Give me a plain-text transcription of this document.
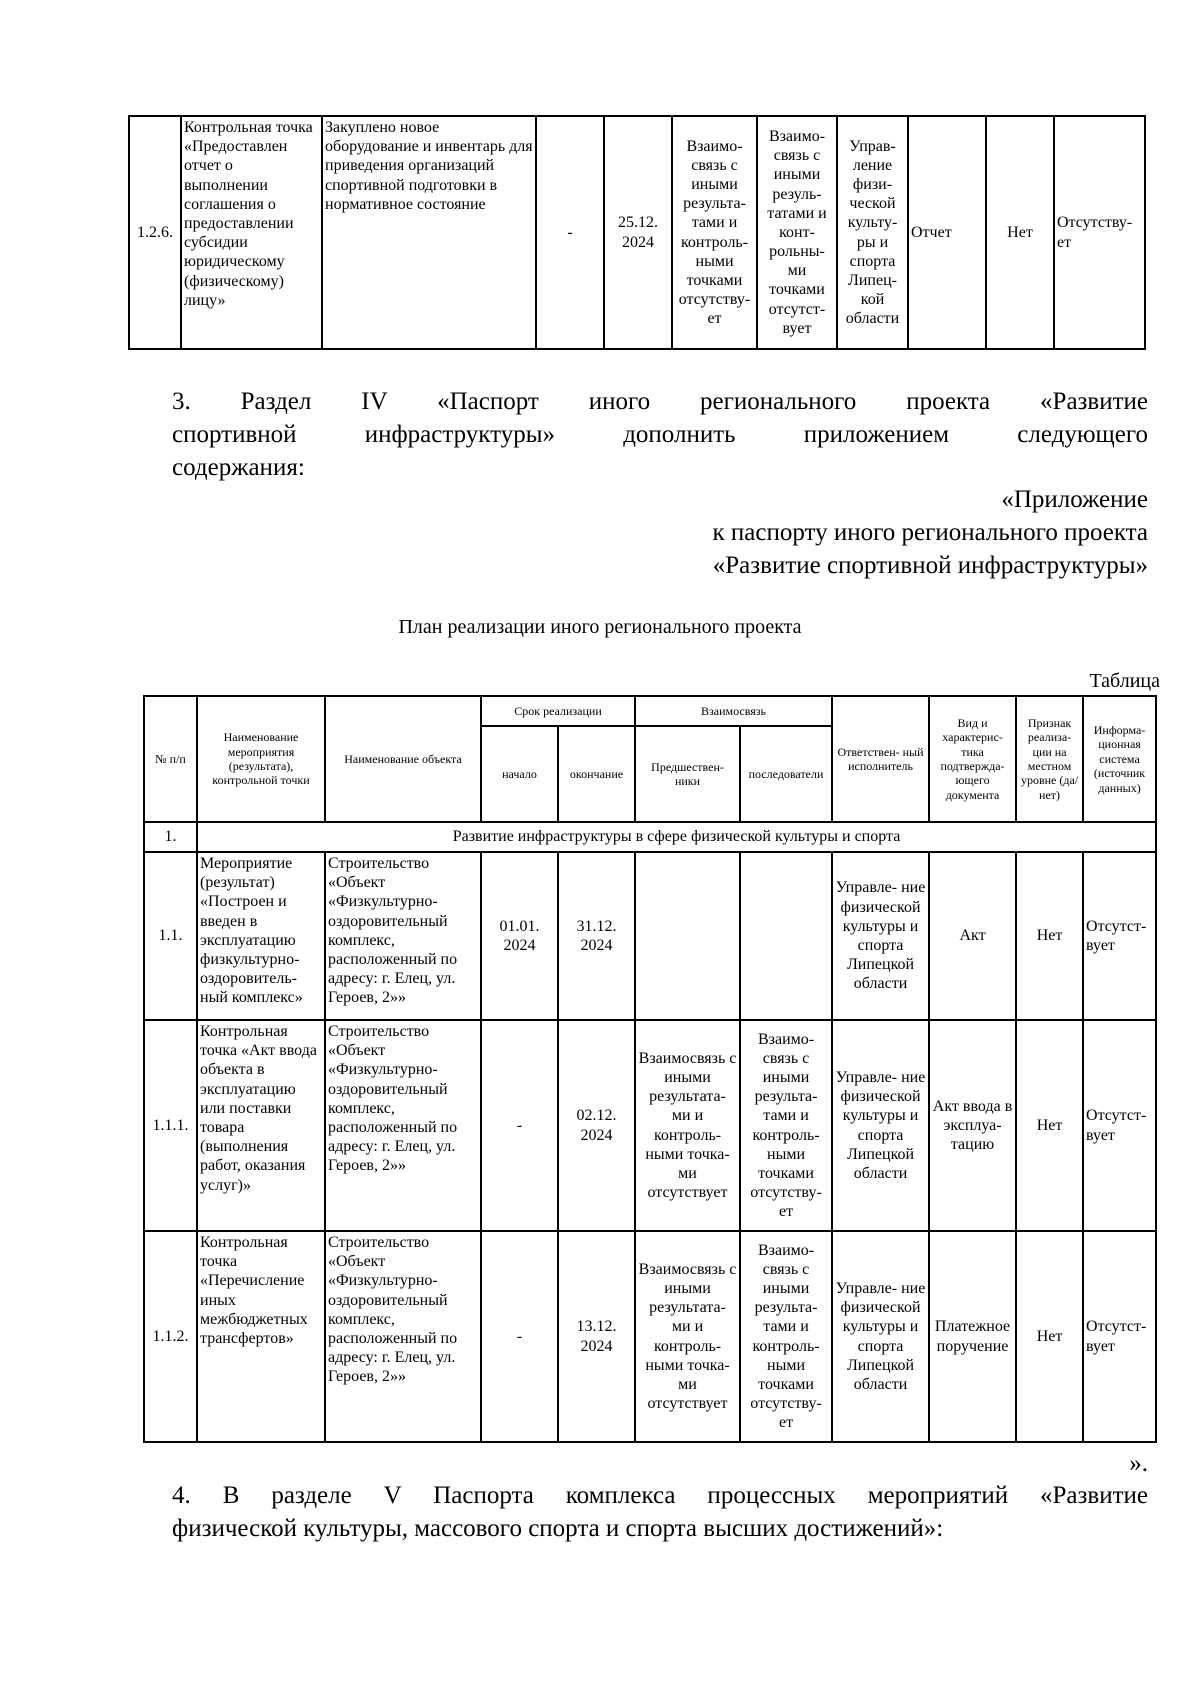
1.2.6.	Контрольная точка «Предоставлен отчет о выполнении соглашения о предоставлении субсидии юридическому (физическому) лицу»	Закуплено новое оборудование и инвентарь для приведения организаций спортивной подготовки в нормативное состояние	-	25.12. 2024	Взаимо- связь с иными результа- тами и контроль- ными точками отсутству- ет	Взаимо- связь с иными резуль- татами и конт- рольны- ми точками отсутст- вует	Управ- ление физи- ческой культу- ры и спорта Липец- кой области	Отчет	Нет	Отсутству- ет

3. Раздел IV «Паспорт иного регионального проекта «Развитие

спортивной инфраструктуры» дополнить приложением следующего

содержания:

«Приложение

к паспорту иного регионального проекта

«Развитие спортивной инфраструктуры»

План реализации иного регионального проекта

Таблица

№ п/п	Наименование мероприятия (результата), контрольной точки	Наименование объекта	Срок реализации		Взаимосвязь		Ответствен- ный исполнитель	Вид и характерис- тика подтвержда- ющего документа	Признак реализа- ции на местном уровне (да/нет)	Информа- ционная система (источник данных)
			начало	окончание	Предшествен- ники	последователи				
1.	Развитие инфраструктуры в сфере физической культуры и спорта									
1.1.	Мероприятие (результат) «Построен и введен в эксплуатацию физкультурно- оздоровитель- ный комплекс»	Строительство «Объект «Физкультурно- оздоровительный комплекс, расположенный по адресу: г. Елец, ул. Героев, 2»»	01.01. 2024	31.12. 2024			Управле- ние физической культуры и спорта Липецкой области	Акт	Нет	Отсутст- вует
1.1.1.	Контрольная точка «Акт ввода объекта в эксплуатацию или поставки товара (выполнения работ, оказания услуг)»	Строительство «Объект «Физкультурно- оздоровительный комплекс, расположенный по адресу: г. Елец, ул. Героев, 2»»	-	02.12. 2024	Взаимосвязь с иными результата- ми и контроль- ными точка- ми отсутствует	Взаимо- связь с иными результа- тами и контроль- ными точками отсутству- ет	Управле- ние физической культуры и спорта Липецкой области	Акт ввода в эксплуа- тацию	Нет	Отсутст- вует
1.1.2.	Контрольная точка «Перечисление иных межбюджетных трансфертов»	Строительство «Объект «Физкультурно- оздоровительный комплекс, расположенный по адресу: г. Елец, ул. Героев, 2»»	-	13.12. 2024	Взаимосвязь с иными результата- ми и контроль- ными точка- ми отсутствует	Взаимо- связь с иными результа- тами и контроль- ными точками отсутству- ет	Управле- ние физической культуры и спорта Липецкой области	Платежное поручение	Нет	Отсутст- вует

».

4. В разделе V Паспорта комплекса процессных мероприятий «Развитие

физической культуры, массового спорта и спорта высших достижений»:
